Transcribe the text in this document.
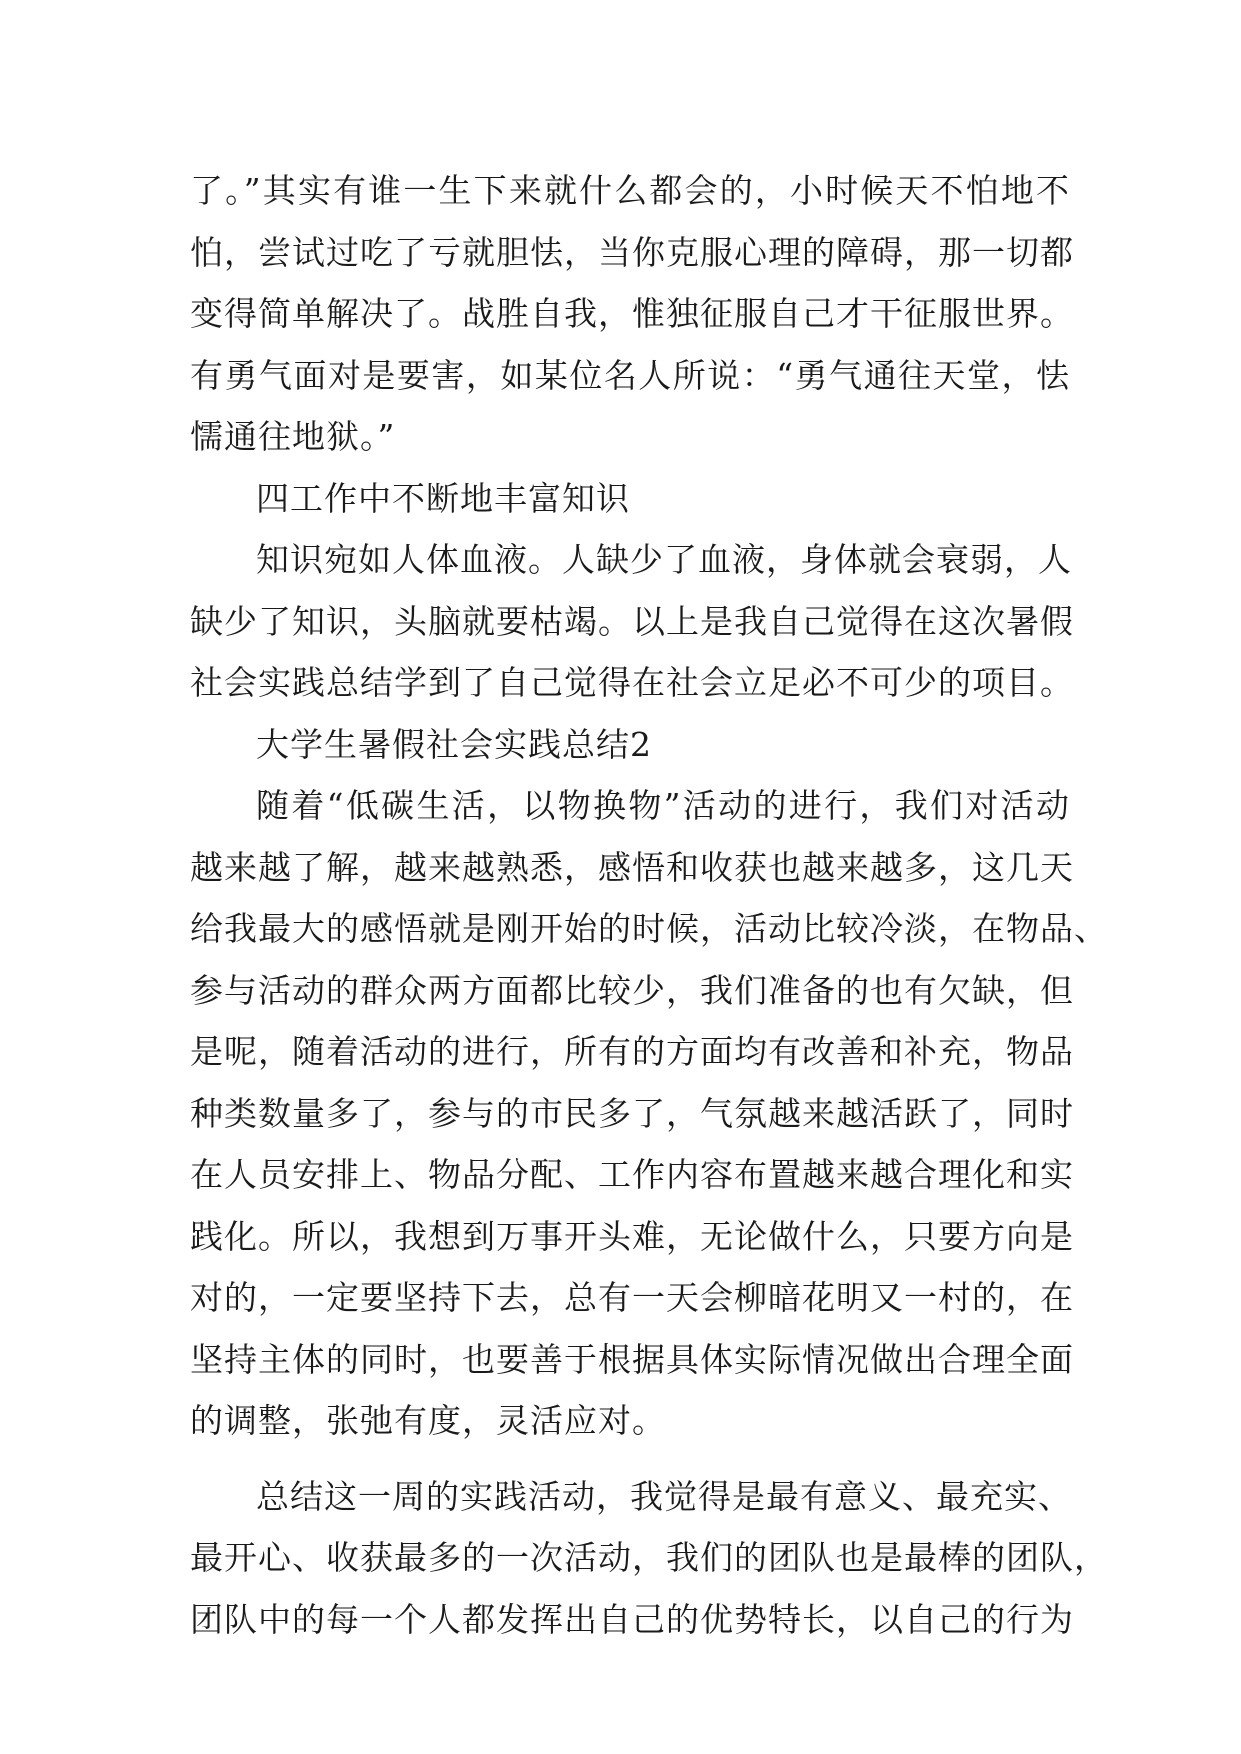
了。”其实有谁一生下来就什么都会的，小时候天不怕地不
怕，尝试过吃了亏就胆怯，当你克服心理的障碍，那一切都
变得简单解决了。战胜自我，惟独征服自己才干征服世界。
有勇气面对是要害，如某位名人所说：“勇气通往天堂，怯
懦通往地狱。”
四工作中不断地丰富知识
知识宛如人体血液。人缺少了血液，身体就会衰弱，人
缺少了知识，头脑就要枯竭。以上是我自己觉得在这次暑假
社会实践总结学到了自己觉得在社会立足必不可少的项目。
大学生暑假社会实践总结2
随着“低碳生活，以物换物”活动的进行，我们对活动
越来越了解，越来越熟悉，感悟和收获也越来越多，这几天
给我最大的感悟就是刚开始的时候，活动比较冷淡，在物品、
参与活动的群众两方面都比较少，我们准备的也有欠缺，但
是呢，随着活动的进行，所有的方面均有改善和补充，物品
种类数量多了，参与的市民多了，气氛越来越活跃了，同时
在人员安排上、物品分配、工作内容布置越来越合理化和实
践化。所以，我想到万事开头难，无论做什么，只要方向是
对的，一定要坚持下去，总有一天会柳暗花明又一村的，在
坚持主体的同时，也要善于根据具体实际情况做出合理全面
的调整，张弛有度，灵活应对。
总结这一周的实践活动，我觉得是最有意义、最充实、
最开心、收获最多的一次活动，我们的团队也是最棒的团队，
团队中的每一个人都发挥出自己的优势特长，以自己的行为
